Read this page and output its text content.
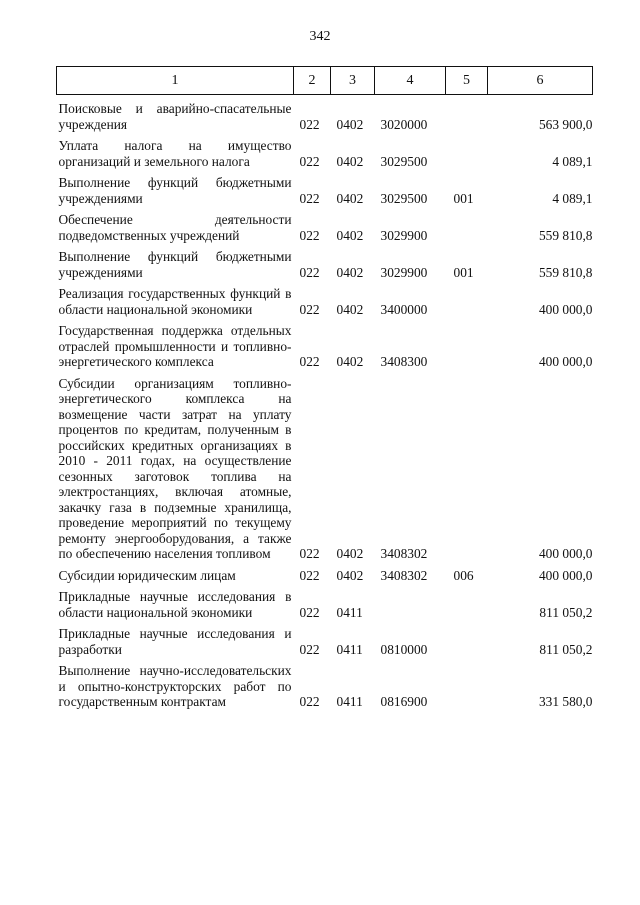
342
1	2	3	4	5	6
Поисковые и аварийно-спасательные учреждения	022	0402	3020000		563 900,0
Уплата налога на имущество организаций и земельного налога	022	0402	3029500		4 089,1
Выполнение функций бюджетными учреждениями	022	0402	3029500	001	4 089,1
Обеспечение деятельности подведомственных учреждений	022	0402	3029900		559 810,8
Выполнение функций бюджетными учреждениями	022	0402	3029900	001	559 810,8
Реализация государственных функций в области национальной экономики	022	0402	3400000		400 000,0
Государственная поддержка отдельных отраслей промышленности и топливно-энергетического комплекса	022	0402	3408300		400 000,0
Субсидии организациям топливно-энергетического комплекса на возмещение части затрат на уплату процентов по кредитам, полученным в российских кредитных организациях в 2010 - 2011 годах, на осуществление сезонных заготовок топлива на электростанциях, включая атомные, закачку газа в подземные хранилища, проведение мероприятий по текущему ремонту энергооборудования, а также по обеспечению населения топливом	022	0402	3408302		400 000,0
Субсидии юридическим лицам	022	0402	3408302	006	400 000,0
Прикладные научные исследования в области национальной экономики	022	0411			811 050,2
Прикладные научные исследования и разработки	022	0411	0810000		811 050,2
Выполнение научно-исследовательских и опытно-конструкторских работ по государственным контрактам	022	0411	0816900		331 580,0
